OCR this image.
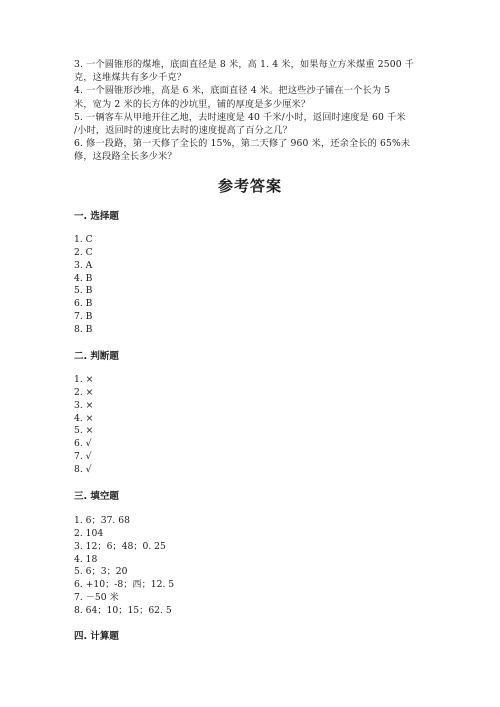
3. 一个圆锥形的煤堆，底面直径是 8 米，高 1. 4 米，如果每立方米煤重 2500 千

克，这堆煤共有多少千克？

4. 一个圆锥形沙堆，高是 6 米，底面直径 4 米。把这些沙子铺在一个长为 5

米，宽为 2 米的长方体的沙坑里，铺的厚度是多少厘米？

5. 一辆客车从甲地开往乙地，去时速度是 40 千米/小时，返回时速度是 60 千米

/小时，返回时的速度比去时的速度提高了百分之几？

6. 修一段路，第一天修了全长的 15%，第二天修了 960 米，还余全长的 65%未

修，这段路全长多少米？

参考答案
一. 选择题
1. C
2. C
3. A
4. B
5. B
6. B
7. B
8. B
二. 判断题
1. ×
2. ×
3. ×
4. ×
5. ×
6. √
7. √
8. √
三. 填空题
1. 6；37. 68
2. 104
3. 12；6；48；0. 25
4. 18
5. 6；3；20
6. +10；-8；西；12. 5
7. －50 米
8. 64；10；15；62. 5
四. 计算题
